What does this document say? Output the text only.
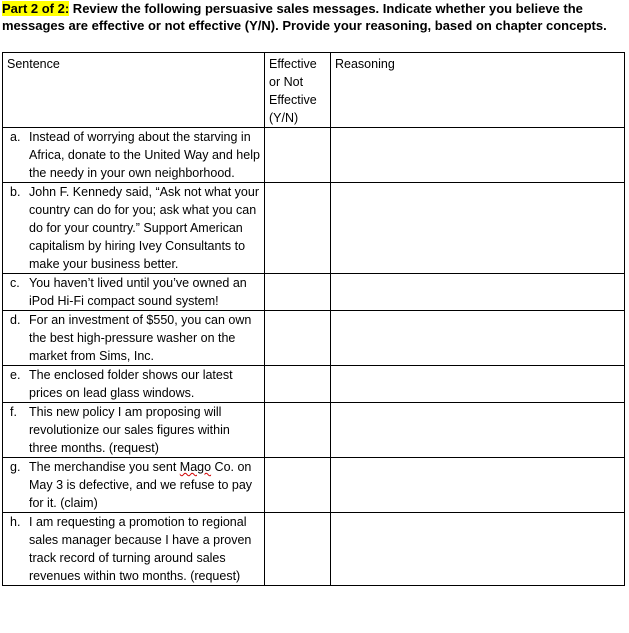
Part 2 of 2: Review the following persuasive sales messages. Indicate whether you believe the messages are effective or not effective (Y/N). Provide your reasoning, based on chapter concepts.
Sentence	Effective or Not Effective (Y/N)	Reasoning

a. Instead of worrying about the starving in Africa, donate to the United Way and help the needy in your own neighborhood.		

b. John F. Kennedy said, “Ask not what your country can do for you; ask what you can do for your country.” Support American capitalism by hiring Ivey Consultants to make your business better.		

c. You haven’t lived until you’ve owned an iPod Hi-Fi compact sound system!		

d. For an investment of $550, you can own the best high-pressure washer on the market from Sims, Inc.		

e. The enclosed folder shows our latest prices on lead glass windows.		

f. This new policy I am proposing will revolutionize our sales figures within three months. (request)		

g. The merchandise you sent Mago Co. on May 3 is defective, and we refuse to pay for it. (claim)		

h. I am requesting a promotion to regional sales manager because I have a proven track record of turning around sales revenues within two months. (request)		
